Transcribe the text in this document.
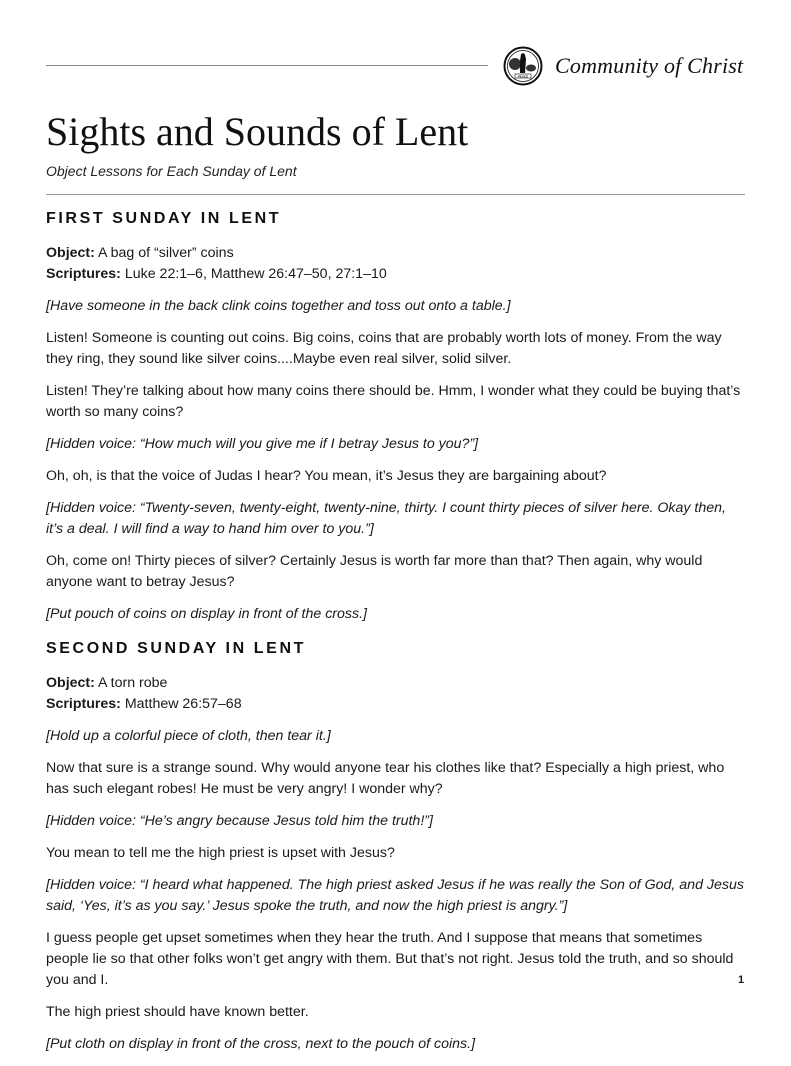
PEACE Community of Christ
Sights and Sounds of Lent
Object Lessons for Each Sunday of Lent
FIRST SUNDAY IN LENT
Object: A bag of “silver” coins
Scriptures: Luke 22:1–6, Matthew 26:47–50, 27:1–10

[Have someone in the back clink coins together and toss out onto a table.]

Listen! Someone is counting out coins. Big coins, coins that are probably worth lots of money. From the way they ring, they sound like silver coins....Maybe even real silver, solid silver.

Listen! They’re talking about how many coins there should be. Hmm, I wonder what they could be buying that’s worth so many coins?

[Hidden voice: “How much will you give me if I betray Jesus to you?”]

Oh, oh, is that the voice of Judas I hear? You mean, it’s Jesus they are bargaining about?

[Hidden voice: “Twenty-seven, twenty-eight, twenty-nine, thirty. I count thirty pieces of silver here. Okay then, it’s a deal. I will find a way to hand him over to you.”]

Oh, come on! Thirty pieces of silver? Certainly Jesus is worth far more than that? Then again, why would anyone want to betray Jesus?

[Put pouch of coins on display in front of the cross.]

SECOND SUNDAY IN LENT
Object: A torn robe
Scriptures: Matthew 26:57–68

[Hold up a colorful piece of cloth, then tear it.]

Now that sure is a strange sound. Why would anyone tear his clothes like that? Especially a high priest, who has such elegant robes! He must be very angry! I wonder why?

[Hidden voice: “He’s angry because Jesus told him the truth!”]

You mean to tell me the high priest is upset with Jesus?

[Hidden voice: “I heard what happened. The high priest asked Jesus if he was really the Son of God, and Jesus said, ‘Yes, it’s as you say.’ Jesus spoke the truth, and now the high priest is angry.”]

I guess people get upset sometimes when they hear the truth. And I suppose that means that sometimes people lie so that other folks won’t get angry with them. But that’s not right. Jesus told the truth, and so should you and I.

The high priest should have known better.

[Put cloth on display in front of the cross, next to the pouch of coins.]

1
